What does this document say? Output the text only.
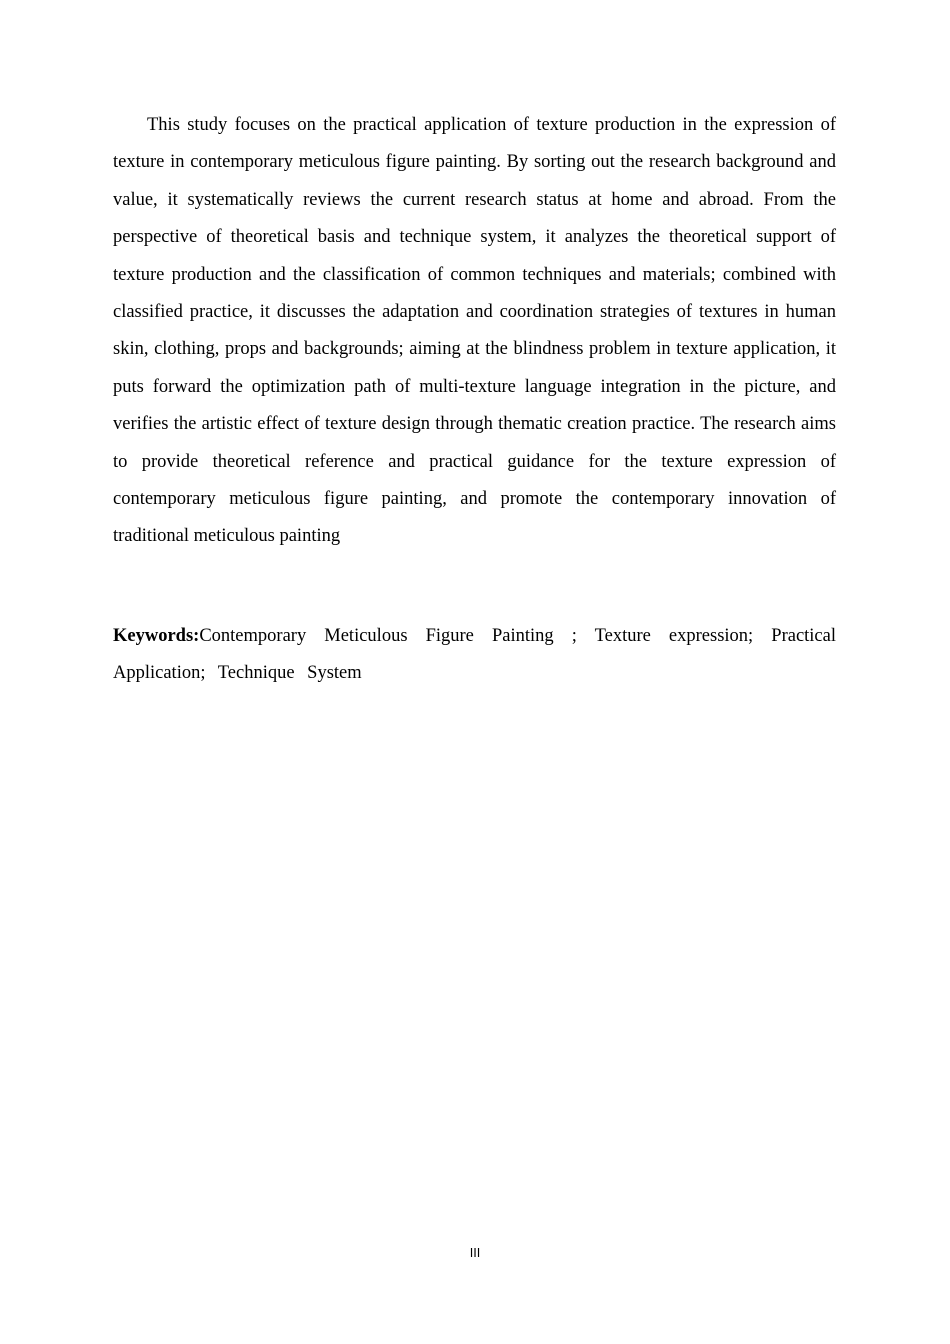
This study focuses on the practical application of texture production in the expression of texture in contemporary meticulous figure painting. By sorting out the research background and value, it systematically reviews the current research status at home and abroad. From the perspective of theoretical basis and technique system, it analyzes the theoretical support of texture production and the classification of common techniques and materials; combined with classified practice, it discusses the adaptation and coordination strategies of textures in human skin, clothing, props and backgrounds; aiming at the blindness problem in texture application, it puts forward the optimization path of multi-texture language integration in the picture, and verifies the artistic effect of texture design through thematic creation practice. The research aims to provide theoretical reference and practical guidance for the texture expression of contemporary meticulous figure painting, and promote the contemporary innovation of traditional meticulous painting

Keywords:Contemporary Meticulous Figure Painting ; Texture expression; Practical Application; Technique System

III
